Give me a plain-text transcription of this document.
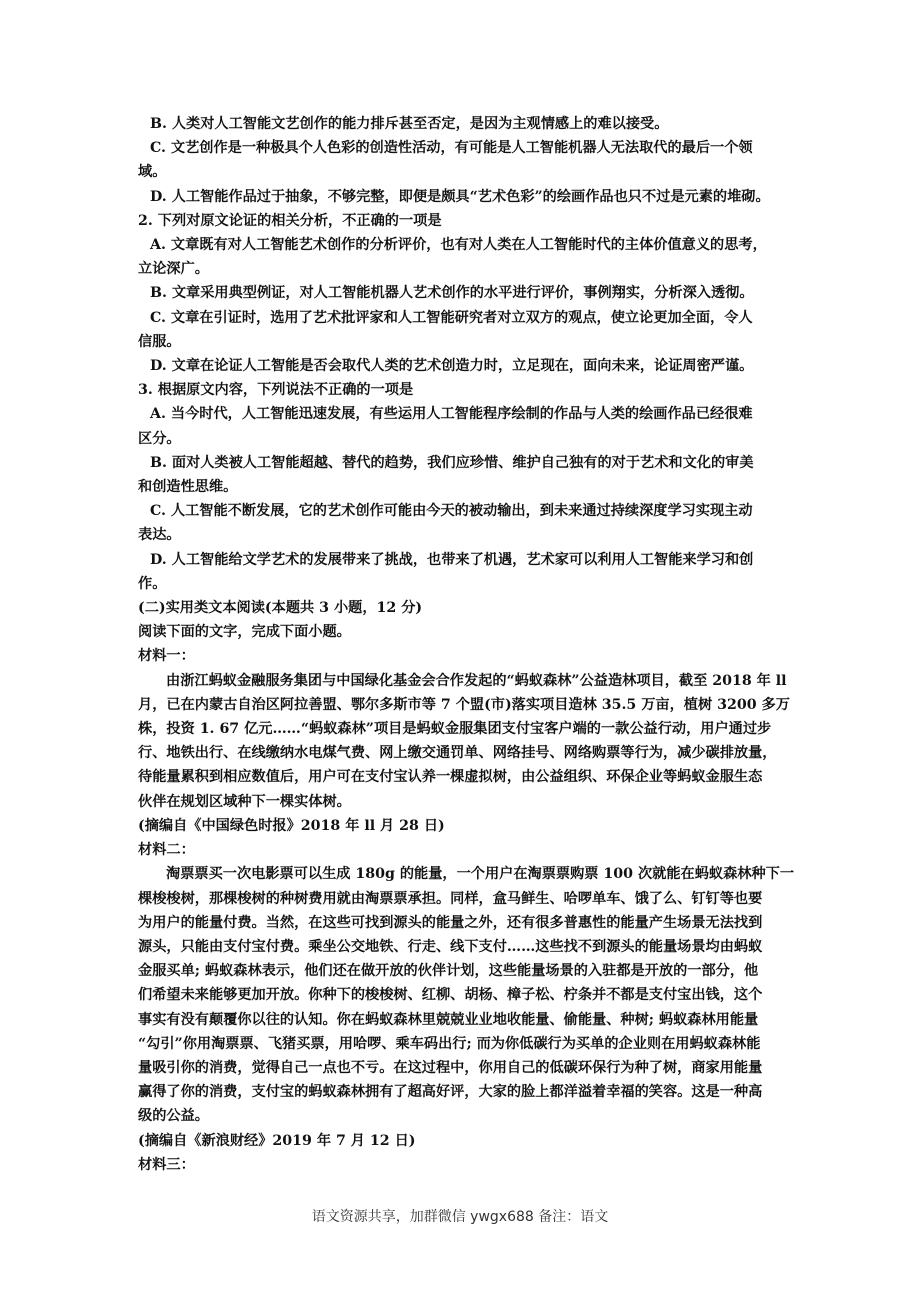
B. 人类对人工智能文艺创作的能力排斥甚至否定，是因为主观情感上的难以接受。

C. 文艺创作是一种极具个人色彩的创造性活动，有可能是人工智能机器人无法取代的最后一个领

域。

D. 人工智能作品过于抽象，不够完整，即便是颇具“艺术色彩”的绘画作品也只不过是元素的堆砌。

2. 下列对原文论证的相关分析，不正确的一项是

A. 文章既有对人工智能艺术创作的分析评价，也有对人类在人工智能时代的主体价值意义的思考，

立论深广。

B. 文章采用典型例证，对人工智能机器人艺术创作的水平进行评价，事例翔实，分析深入透彻。

C. 文章在引证时，选用了艺术批评家和人工智能研究者对立双方的观点，使立论更加全面，令人

信服。

D. 文章在论证人工智能是否会取代人类的艺术创造力时，立足现在，面向未来，论证周密严谨。

3. 根据原文内容，下列说法不正确的一项是

A. 当今时代，人工智能迅速发展，有些运用人工智能程序绘制的作品与人类的绘画作品已经很难

区分。

B. 面对人类被人工智能超越、替代的趋势，我们应珍惜、维护自己独有的对于艺术和文化的审美

和创造性思维。

C. 人工智能不断发展，它的艺术创作可能由今天的被动输出，到未来通过持续深度学习实现主动

表达。

D. 人工智能给文学艺术的发展带来了挑战，也带来了机遇，艺术家可以利用人工智能来学习和创

作。

(二)实用类文本阅读(本题共 3 小题，12 分)

阅读下面的文字，完成下面小题。

材料一：

由浙江蚂蚁金融服务集团与中国绿化基金会合作发起的“蚂蚁森林”公益造林项目，截至 2018 年 ll

月，已在内蒙古自治区阿拉善盟、鄂尔多斯市等 7 个盟(市)落实项目造林 35.5 万亩，植树 3200 多万

株，投资 1. 67 亿元……“蚂蚁森林”项目是蚂蚁金服集团支付宝客户端的一款公益行动，用户通过步

行、地铁出行、在线缴纳水电煤气费、网上缴交通罚单、网络挂号、网络购票等行为，减少碳排放量，

待能量累积到相应数值后，用户可在支付宝认养一棵虚拟树，由公益组织、环保企业等蚂蚁金服生态

伙伴在规划区域种下一棵实体树。

(摘编自《中国绿色时报》2018 年 ll 月 28 日)

材料二：

淘票票买一次电影票可以生成 180g 的能量，一个用户在淘票票购票 100 次就能在蚂蚁森林种下一

棵梭梭树，那棵梭树的种树费用就由淘票票承担。同样，盒马鲜生、哈啰单车、饿了么、钉钉等也要

为用户的能量付费。当然，在这些可找到源头的能量之外，还有很多普惠性的能量产生场景无法找到

源头，只能由支付宝付费。乘坐公交地铁、行走、线下支付……这些找不到源头的能量场景均由蚂蚁

金服买单; 蚂蚁森林表示，他们还在做开放的伙伴计划，这些能量场景的入驻都是开放的一部分，他

们希望未来能够更加开放。你种下的梭梭树、红柳、胡杨、樟子松、柠条并不都是支付宝出钱，这个

事实有没有颠覆你以往的认知。你在蚂蚁森林里兢兢业业地收能量、偷能量、种树; 蚂蚁森林用能量

“勾引”你用淘票票、飞猪买票，用哈啰、乘车码出行; 而为你低碳行为买单的企业则在用蚂蚁森林能

量吸引你的消费，觉得自己一点也不亏。在这过程中，你用自己的低碳环保行为种了树，商家用能量

赢得了你的消费，支付宝的蚂蚁森林拥有了超高好评，大家的脸上都洋溢着幸福的笑容。这是一种高

级的公益。

(摘编自《新浪财经》2019 年 7 月 12 日)

材料三：

语文资源共享，加群微信 ywgx688 备注：语文
